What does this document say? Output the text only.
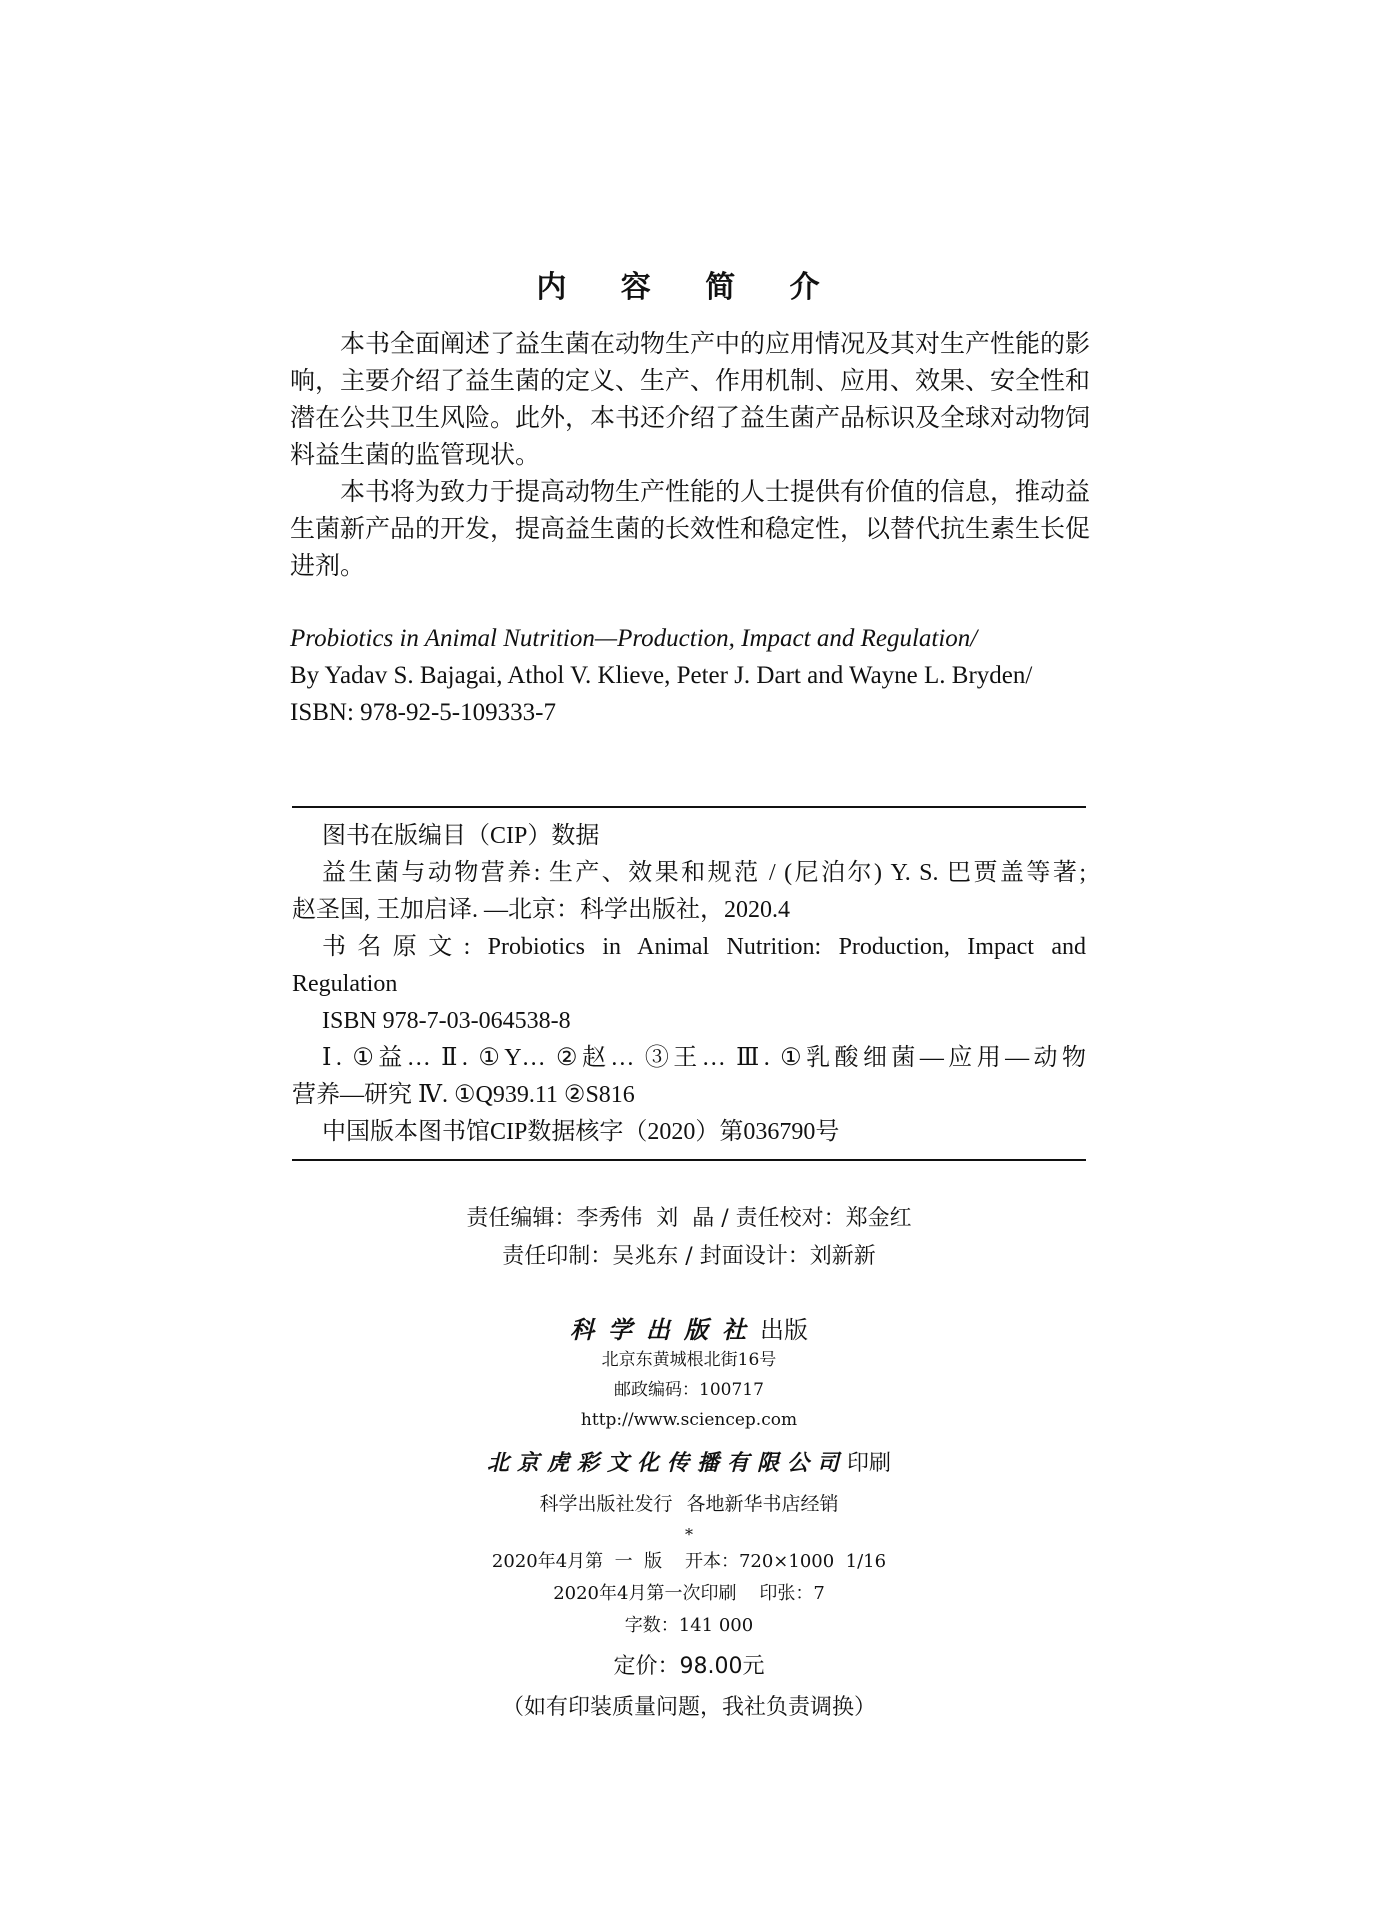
内 容 简 介

本书全面阐述了益生菌在动物生产中的应用情况及其对生产性能的影响，主要介绍了益生菌的定义、生产、作用机制、应用、效果、安全性和潜在公共卫生风险。此外，本书还介绍了益生菌产品标识及全球对动物饲料益生菌的监管现状。

本书将为致力于提高动物生产性能的人士提供有价值的信息，推动益生菌新产品的开发，提高益生菌的长效性和稳定性，以替代抗生素生长促进剂。

Probiotics in Animal Nutrition—Production, Impact and Regulation/
By Yadav S. Bajagai, Athol V. Klieve, Peter J. Dart and Wayne L. Bryden/
ISBN: 978-92-5-109333-7
图书在版编目（CIP）数据
益生菌与动物营养: 生产、效果和规范 / (尼泊尔) Y. S. 巴贾盖等著;
赵圣国, 王加启译. —北京：科学出版社，2020.4
书名原文: Probiotics in Animal Nutrition: Production, Impact and
Regulation
ISBN 978-7-03-064538-8
Ⅰ. ①益… Ⅱ. ①Y… ②赵… ③王… Ⅲ. ①乳酸细菌—应用—动物
营养—研究 Ⅳ. ①Q939.11 ②S816
中国版本图书馆CIP数据核字（2020）第036790号
责任编辑：李秀伟  刘  晶 / 责任校对：郑金红
责任印制：吴兆东 / 封面设计：刘新新
科学出版社出版
北京东黄城根北街16号
邮政编码：100717
http://www.sciencep.com
北京虎彩文化传播有限公司印刷
科学出版社发行 各地新华书店经销
*
2020年4月第  一  版    开本：720×1000  1/16
2020年4月第一次印刷    印张：7
字数：141 000
定价：98.00元
（如有印装质量问题，我社负责调换）
